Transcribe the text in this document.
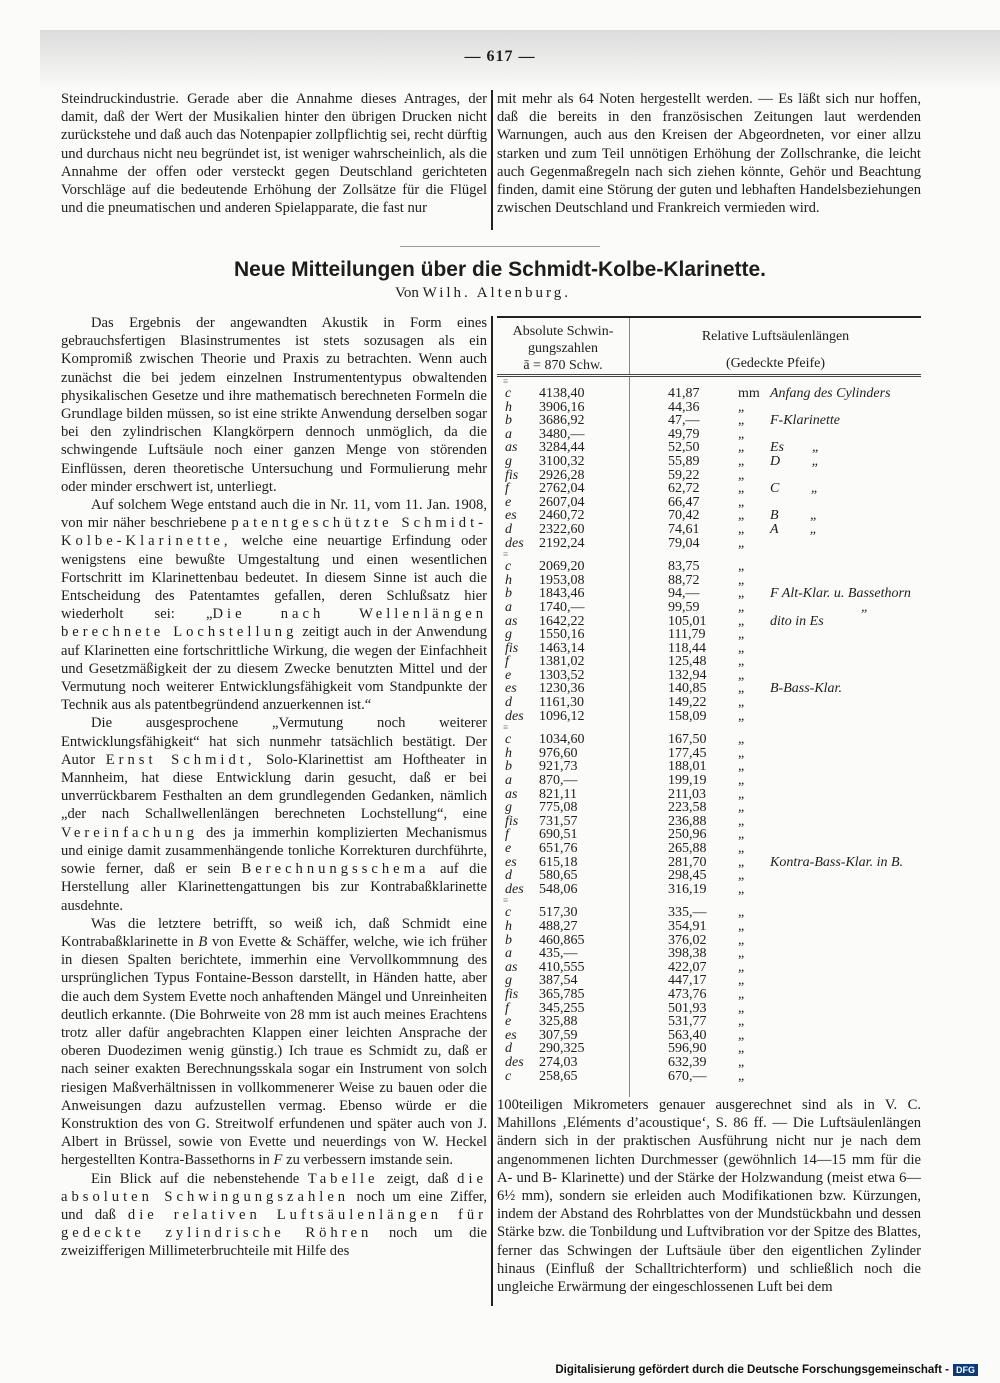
— 617 —

Steindruckindustrie. Gerade aber die Annahme dieses Antrages, der damit, daß der Wert der Musikalien hinter den übrigen Drucken nicht zurückstehe und daß auch das Notenpapier zollpflichtig sei, recht dürftig und durchaus nicht neu begründet ist, ist weniger wahrscheinlich, als die Annahme der offen oder versteckt gegen Deutschland gerichteten Vorschläge auf die bedeutende Erhöhung der Zollsätze für die Flügel und die pneumatischen und anderen Spielapparate, die fast nur

mit mehr als 64 Noten hergestellt werden. — Es läßt sich nur hoffen, daß die bereits in den französischen Zeitungen laut werdenden Warnungen, auch aus den Kreisen der Abgeordneten, vor einer allzu starken und zum Teil unnötigen Erhöhung der Zollschranke, die leicht auch Gegenmaßregeln nach sich ziehen könnte, Gehör und Beachtung finden, damit eine Störung der guten und lebhaften Handelsbeziehungen zwischen Deutschland und Frankreich vermieden wird.

Neue Mitteilungen über die Schmidt-Kolbe-Klarinette.
Von Wilh. Altenburg.

Das Ergebnis der angewandten Akustik in Form eines gebrauchsfertigen Blasinstrumentes ist stets sozusagen als ein Kompromiß zwischen Theorie und Praxis zu betrachten. Wenn auch zunächst die bei jedem einzelnen Instrumententypus obwaltenden physikalischen Gesetze und ihre mathematisch berechneten Formeln die Grundlage bilden müssen, so ist eine strikte Anwendung derselben sogar bei den zylindrischen Klangkörpern dennoch unmöglich, da die schwingende Luftsäule noch einer ganzen Menge von störenden Einflüssen, deren theoretische Untersuchung und Formulierung mehr oder minder erschwert ist, unterliegt.

Auf solchem Wege entstand auch die in Nr. 11, vom 11. Jan. 1908, von mir näher beschriebene patentgeschützte Schmidt-Kolbe-Klarinette, welche eine neuartige Erfindung oder wenigstens eine bewußte Umgestaltung und einen wesentlichen Fortschritt im Klarinettenbau bedeutet. In diesem Sinne ist auch die Entscheidung des Patentamtes gefallen, deren Schlußsatz hier wiederholt sei: „Die nach Wellenlängen berechnete Lochstellung zeitigt auch in der Anwendung auf Klarinetten eine fortschrittliche Wirkung, die wegen der Einfachheit und Gesetzmäßigkeit der zu diesem Zwecke benutzten Mittel und der Vermutung noch weiterer Entwicklungsfähigkeit vom Standpunkte der Technik aus als patentbegründend anzuerkennen ist.“

Die ausgesprochene „Vermutung noch weiterer Entwicklungsfähigkeit“ hat sich nunmehr tatsächlich bestätigt. Der Autor Ernst Schmidt, Solo-Klarinettist am Hoftheater in Mannheim, hat diese Entwicklung darin gesucht, daß er bei unverrückbarem Festhalten an dem grundlegenden Gedanken, nämlich „der nach Schallwellenlängen berechneten Lochstellung“, eine Vereinfachung des ja immerhin komplizierten Mechanismus und einige damit zusammenhängende tonliche Korrekturen durchführte, sowie ferner, daß er sein Berechnungsschema auf die Herstellung aller Klarinettengattungen bis zur Kontrabaßklarinette ausdehnte.

Was die letztere betrifft, so weiß ich, daß Schmidt eine Kontrabaßklarinette in B von Evette & Schäffer, welche, wie ich früher in diesen Spalten berichtete, immerhin eine Vervollkommnung des ursprünglichen Typus Fontaine-Besson darstellt, in Händen hatte, aber die auch dem System Evette noch anhaftenden Mängel und Unreinheiten deutlich erkannte. (Die Bohrweite von 28 mm ist auch meines Erachtens trotz aller dafür angebrachten Klappen einer leichten Ansprache der oberen Duodezimen wenig günstig.) Ich traue es Schmidt zu, daß er nach seiner exakten Berechnungsskala sogar ein Instrument von solch riesigen Maßverhältnissen in vollkommenerer Weise zu bauen oder die Anweisungen dazu aufzustellen vermag. Ebenso würde er die Konstruktion des von G. Streitwolf erfundenen und später auch von J. Albert in Brüssel, sowie von Evette und neuerdings von W. Heckel hergestellten Kontra-Bassethorns in F zu verbessern imstande sein.

Ein Blick auf die nebenstehende Tabelle zeigt, daß die absoluten Schwingungszahlen noch um eine Ziffer, und daß die relativen Luftsäulenlängen für gedeckte zylindrische Röhren noch um die zweizifferigen Millimeterbruchteile mit Hilfe des

Absolute Schwin-
gungszahlen
ā = 870 Schw.
Relative Luftsäulenlängen
(Gedeckte Pfeife)
≡
c	4138,40	41,87	mm Anfang des Cylinders
h	3906,16	44,36	„
b	3686,92	47,—	„	F-Klarinette
a	3480,—	49,79	„
as	3284,44	52,50	„	Es        „
g	3100,32	55,89	„	D         „
fis	2926,28	59,22	„
f	2762,04	62,72	„	C         „
e	2607,04	66,47	„
es	2460,72	70,42	„	B         „
d	2322,60	74,61	„	A         „
des	2192,24	79,04	„
≡
c	2069,20	83,75	„
h	1953,08	88,72	„
b	1843,46	94,—	„	F Alt-Klar. u. Bassethorn
a	1740,—	99,59	„	„
as	1642,22	105,01	„	dito in Es
g	1550,16	111,79	„
fis	1463,14	118,44	„
f	1381,02	125,48	„
e	1303,52	132,94	„
es	1230,36	140,85	„	B-Bass-Klar.
d	1161,30	149,22	„
des	1096,12	158,09	„
≡
c	1034,60	167,50	„
h	976,60	177,45	„
b	921,73	188,01	„
a	870,—	199,19	„
as	821,11	211,03	„
g	775,08	223,58	„
fis	731,57	236,88	„
f	690,51	250,96	„
e	651,76	265,88	„
es	615,18	281,70	„	Kontra-Bass-Klar. in B.
d	580,65	298,45	„
des	548,06	316,19	„
≡
c	517,30	335,—	„
h	488,27	354,91	„
b	460,865	376,02	„
a	435,—	398,38	„
as	410,555	422,07	„
g	387,54	447,17	„
fis	365,785	473,76	„
f	345,255	501,93	„
e	325,88	531,77	„
es	307,59	563,40	„
d	290,325	596,90	„
des	274,03	632,39	„
c	258,65	670,—	„

100teiligen Mikrometers genauer ausgerechnet sind als in V. C. Mahillons ‚Eléments d’acoustique‘, S. 86 ff. — Die Luftsäulenlängen ändern sich in der praktischen Ausführung nicht nur je nach dem angenommenen lichten Durchmesser (gewöhnlich 14—15 mm für die A- und B- Klarinette) und der Stärke der Holzwandung (meist etwa 6—6½ mm), sondern sie erleiden auch Modifikationen bzw. Kürzungen, indem der Abstand des Rohrblattes von der Mundstückbahn und dessen Stärke bzw. die Tonbildung und Luftvibration vor der Spitze des Blattes, ferner das Schwingen der Luftsäule über den eigentlichen Zylinder hinaus (Einfluß der Schalltrichterform) und schließlich noch die ungleiche Erwärmung der eingeschlossenen Luft bei dem

Digitalisierung gefördert durch die Deutsche Forschungsgemeinschaft - DFG
